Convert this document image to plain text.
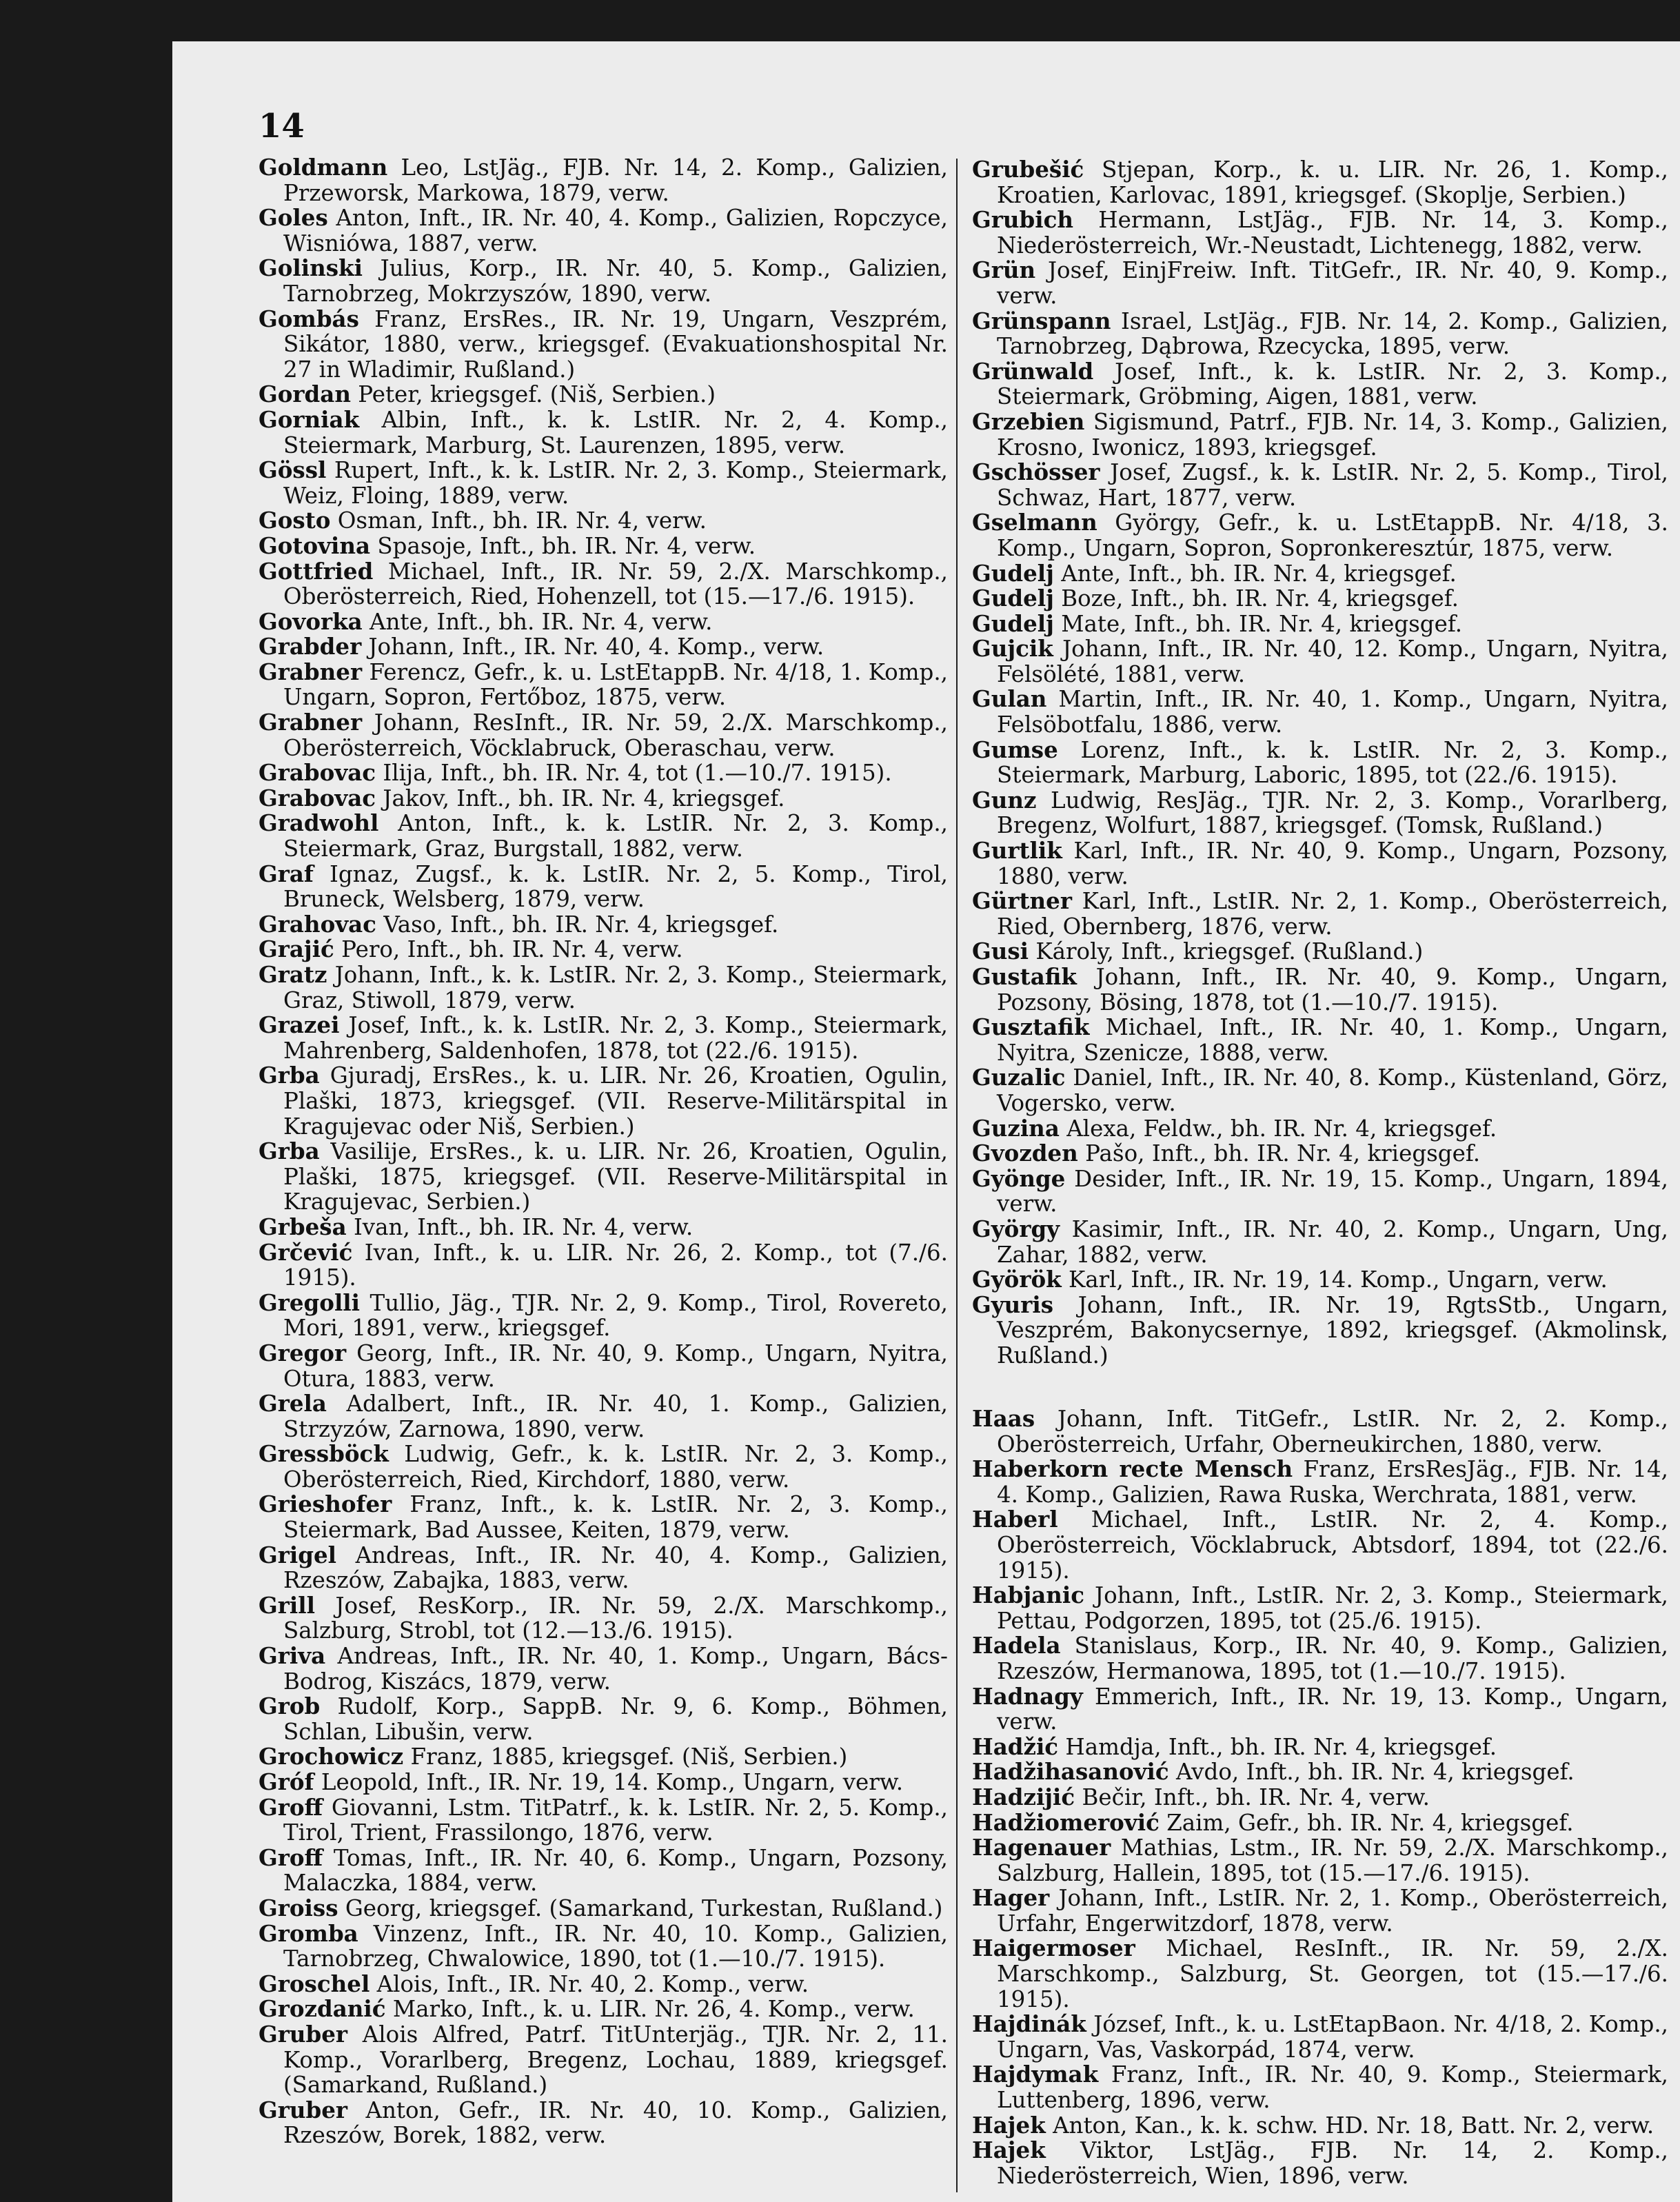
14

Goldmann Leo, LstJäg., FJB. Nr. 14, 2. Komp., Galizien, Przeworsk, Markowa, 1879, verw.

Goles Anton, Inft., IR. Nr. 40, 4. Komp., Galizien, Ropczyce, Wisniówa, 1887, verw.

Golinski Julius, Korp., IR. Nr. 40, 5. Komp., Galizien, Tarnobrzeg, Mokrzyszów, 1890, verw.

Gombás Franz, ErsRes., IR. Nr. 19, Ungarn, Veszprém, Sikátor, 1880, verw., kriegsgef. (Evakuationshospital Nr. 27 in Wladimir, Rußland.)

Gordan Peter, kriegsgef. (Niš, Serbien.)

Gorniak Albin, Inft., k. k. LstIR. Nr. 2, 4. Komp., Steiermark, Marburg, St. Laurenzen, 1895, verw.

Gössl Rupert, Inft., k. k. LstIR. Nr. 2, 3. Komp., Steiermark, Weiz, Floing, 1889, verw.

Gosto Osman, Inft., bh. IR. Nr. 4, verw.

Gotovina Spasoje, Inft., bh. IR. Nr. 4, verw.

Gottfried Michael, Inft., IR. Nr. 59, 2./X. Marschkomp., Oberösterreich, Ried, Hohenzell, tot (15.—17./6. 1915).

Govorka Ante, Inft., bh. IR. Nr. 4, verw.

Grabder Johann, Inft., IR. Nr. 40, 4. Komp., verw.

Grabner Ferencz, Gefr., k. u. LstEtappB. Nr. 4/18, 1. Komp., Ungarn, Sopron, Fertőboz, 1875, verw.

Grabner Johann, ResInft., IR. Nr. 59, 2./X. Marschkomp., Oberösterreich, Vöcklabruck, Oberaschau, verw.

Grabovac Ilija, Inft., bh. IR. Nr. 4, tot (1.—10./7. 1915).

Grabovac Jakov, Inft., bh. IR. Nr. 4, kriegsgef.

Gradwohl Anton, Inft., k. k. LstIR. Nr. 2, 3. Komp., Steiermark, Graz, Burgstall, 1882, verw.

Graf Ignaz, Zugsf., k. k. LstIR. Nr. 2, 5. Komp., Tirol, Bruneck, Welsberg, 1879, verw.

Grahovac Vaso, Inft., bh. IR. Nr. 4, kriegsgef.

Grajić Pero, Inft., bh. IR. Nr. 4, verw.

Gratz Johann, Inft., k. k. LstIR. Nr. 2, 3. Komp., Steiermark, Graz, Stiwoll, 1879, verw.

Grazei Josef, Inft., k. k. LstIR. Nr. 2, 3. Komp., Steiermark, Mahrenberg, Saldenhofen, 1878, tot (22./6. 1915).

Grba Gjuradj, ErsRes., k. u. LIR. Nr. 26, Kroatien, Ogulin, Plaški, 1873, kriegsgef. (VII. Reserve-Militärspital in Kragujevac oder Niš, Serbien.)

Grba Vasilije, ErsRes., k. u. LIR. Nr. 26, Kroatien, Ogulin, Plaški, 1875, kriegsgef. (VII. Reserve-Militärspital in Kragujevac, Serbien.)

Grbeša Ivan, Inft., bh. IR. Nr. 4, verw.

Grčević Ivan, Inft., k. u. LIR. Nr. 26, 2. Komp., tot (7./6. 1915).

Gregolli Tullio, Jäg., TJR. Nr. 2, 9. Komp., Tirol, Rovereto, Mori, 1891, verw., kriegsgef.

Gregor Georg, Inft., IR. Nr. 40, 9. Komp., Ungarn, Nyitra, Otura, 1883, verw.

Grela Adalbert, Inft., IR. Nr. 40, 1. Komp., Galizien, Strzyzów, Zarnowa, 1890, verw.

Gressböck Ludwig, Gefr., k. k. LstIR. Nr. 2, 3. Komp., Oberösterreich, Ried, Kirchdorf, 1880, verw.

Grieshofer Franz, Inft., k. k. LstIR. Nr. 2, 3. Komp., Steiermark, Bad Aussee, Keiten, 1879, verw.

Grigel Andreas, Inft., IR. Nr. 40, 4. Komp., Galizien, Rzeszów, Zabajka, 1883, verw.

Grill Josef, ResKorp., IR. Nr. 59, 2./X. Marschkomp., Salzburg, Strobl, tot (12.—13./6. 1915).

Griva Andreas, Inft., IR. Nr. 40, 1. Komp., Ungarn, Bács-Bodrog, Kiszács, 1879, verw.

Grob Rudolf, Korp., SappB. Nr. 9, 6. Komp., Böhmen, Schlan, Libušin, verw.

Grochowicz Franz, 1885, kriegsgef. (Niš, Serbien.)

Gróf Leopold, Inft., IR. Nr. 19, 14. Komp., Ungarn, verw.

Groff Giovanni, Lstm. TitPatrf., k. k. LstIR. Nr. 2, 5. Komp., Tirol, Trient, Frassilongo, 1876, verw.

Groff Tomas, Inft., IR. Nr. 40, 6. Komp., Ungarn, Pozsony, Malaczka, 1884, verw.

Groiss Georg, kriegsgef. (Samarkand, Turkestan, Rußland.)

Gromba Vinzenz, Inft., IR. Nr. 40, 10. Komp., Galizien, Tarnobrzeg, Chwalowice, 1890, tot (1.—10./7. 1915).

Groschel Alois, Inft., IR. Nr. 40, 2. Komp., verw.

Grozdanić Marko, Inft., k. u. LIR. Nr. 26, 4. Komp., verw.

Gruber Alois Alfred, Patrf. TitUnterjäg., TJR. Nr. 2, 11. Komp., Vorarlberg, Bregenz, Lochau, 1889, kriegsgef. (Samarkand, Rußland.)

Gruber Anton, Gefr., IR. Nr. 40, 10. Komp., Galizien, Rzeszów, Borek, 1882, verw.

Grubešić Stjepan, Korp., k. u. LIR. Nr. 26, 1. Komp., Kroatien, Karlovac, 1891, kriegsgef. (Skoplje, Serbien.)

Grubich Hermann, LstJäg., FJB. Nr. 14, 3. Komp., Niederösterreich, Wr.-Neustadt, Lichtenegg, 1882, verw.

Grün Josef, EinjFreiw. Inft. TitGefr., IR. Nr. 40, 9. Komp., verw.

Grünspann Israel, LstJäg., FJB. Nr. 14, 2. Komp., Galizien, Tarnobrzeg, Dąbrowa, Rzecycka, 1895, verw.

Grünwald Josef, Inft., k. k. LstIR. Nr. 2, 3. Komp., Steiermark, Gröbming, Aigen, 1881, verw.

Grzebien Sigismund, Patrf., FJB. Nr. 14, 3. Komp., Galizien, Krosno, Iwonicz, 1893, kriegsgef.

Gschösser Josef, Zugsf., k. k. LstIR. Nr. 2, 5. Komp., Tirol, Schwaz, Hart, 1877, verw.

Gselmann György, Gefr., k. u. LstEtappB. Nr. 4/18, 3. Komp., Ungarn, Sopron, Sopronkeresztúr, 1875, verw.

Gudelj Ante, Inft., bh. IR. Nr. 4, kriegsgef.

Gudelj Boze, Inft., bh. IR. Nr. 4, kriegsgef.

Gudelj Mate, Inft., bh. IR. Nr. 4, kriegsgef.

Gujcik Johann, Inft., IR. Nr. 40, 12. Komp., Ungarn, Nyitra, Felsölété, 1881, verw.

Gulan Martin, Inft., IR. Nr. 40, 1. Komp., Ungarn, Nyitra, Felsöbotfalu, 1886, verw.

Gumse Lorenz, Inft., k. k. LstIR. Nr. 2, 3. Komp., Steiermark, Marburg, Laboric, 1895, tot (22./6. 1915).

Gunz Ludwig, ResJäg., TJR. Nr. 2, 3. Komp., Vorarlberg, Bregenz, Wolfurt, 1887, kriegsgef. (Tomsk, Rußland.)

Gurtlik Karl, Inft., IR. Nr. 40, 9. Komp., Ungarn, Pozsony, 1880, verw.

Gürtner Karl, Inft., LstIR. Nr. 2, 1. Komp., Oberösterreich, Ried, Obernberg, 1876, verw.

Gusi Károly, Inft., kriegsgef. (Rußland.)

Gustafik Johann, Inft., IR. Nr. 40, 9. Komp., Ungarn, Pozsony, Bösing, 1878, tot (1.—10./7. 1915).

Gusztafik Michael, Inft., IR. Nr. 40, 1. Komp., Ungarn, Nyitra, Szenicze, 1888, verw.

Guzalic Daniel, Inft., IR. Nr. 40, 8. Komp., Küstenland, Görz, Vogersko, verw.

Guzina Alexa, Feldw., bh. IR. Nr. 4, kriegsgef.

Gvozden Pašo, Inft., bh. IR. Nr. 4, kriegsgef.

Gyönge Desider, Inft., IR. Nr. 19, 15. Komp., Ungarn, 1894, verw.

György Kasimir, Inft., IR. Nr. 40, 2. Komp., Ungarn, Ung, Zahar, 1882, verw.

Györök Karl, Inft., IR. Nr. 19, 14. Komp., Ungarn, verw.

Gyuris Johann, Inft., IR. Nr. 19, RgtsStb., Ungarn, Veszprém, Bakonycsernye, 1892, kriegsgef. (Akmolinsk, Rußland.)

Haas Johann, Inft. TitGefr., LstIR. Nr. 2, 2. Komp., Oberösterreich, Urfahr, Oberneukirchen, 1880, verw.

Haberkorn recte Mensch Franz, ErsResJäg., FJB. Nr. 14, 4. Komp., Galizien, Rawa Ruska, Werchrata, 1881, verw.

Haberl Michael, Inft., LstIR. Nr. 2, 4. Komp., Oberösterreich, Vöcklabruck, Abtsdorf, 1894, tot (22./6. 1915).

Habjanic Johann, Inft., LstIR. Nr. 2, 3. Komp., Steiermark, Pettau, Podgorzen, 1895, tot (25./6. 1915).

Hadela Stanislaus, Korp., IR. Nr. 40, 9. Komp., Galizien, Rzeszów, Hermanowa, 1895, tot (1.—10./7. 1915).

Hadnagy Emmerich, Inft., IR. Nr. 19, 13. Komp., Ungarn, verw.

Hadžić Hamdja, Inft., bh. IR. Nr. 4, kriegsgef.

Hadžihasanović Avdo, Inft., bh. IR. Nr. 4, kriegsgef.

Hadzijić Bečir, Inft., bh. IR. Nr. 4, verw.

Hadžiomerović Zaim, Gefr., bh. IR. Nr. 4, kriegsgef.

Hagenauer Mathias, Lstm., IR. Nr. 59, 2./X. Marschkomp., Salzburg, Hallein, 1895, tot (15.—17./6. 1915).

Hager Johann, Inft., LstIR. Nr. 2, 1. Komp., Oberösterreich, Urfahr, Engerwitzdorf, 1878, verw.

Haigermoser Michael, ResInft., IR. Nr. 59, 2./X. Marschkomp., Salzburg, St. Georgen, tot (15.—17./6. 1915).

Hajdinák József, Inft., k. u. LstEtapBaon. Nr. 4/18, 2. Komp., Ungarn, Vas, Vaskorpád, 1874, verw.

Hajdymak Franz, Inft., IR. Nr. 40, 9. Komp., Steiermark, Luttenberg, 1896, verw.

Hajek Anton, Kan., k. k. schw. HD. Nr. 18, Batt. Nr. 2, verw.

Hajek Viktor, LstJäg., FJB. Nr. 14, 2. Komp., Niederösterreich, Wien, 1896, verw.
